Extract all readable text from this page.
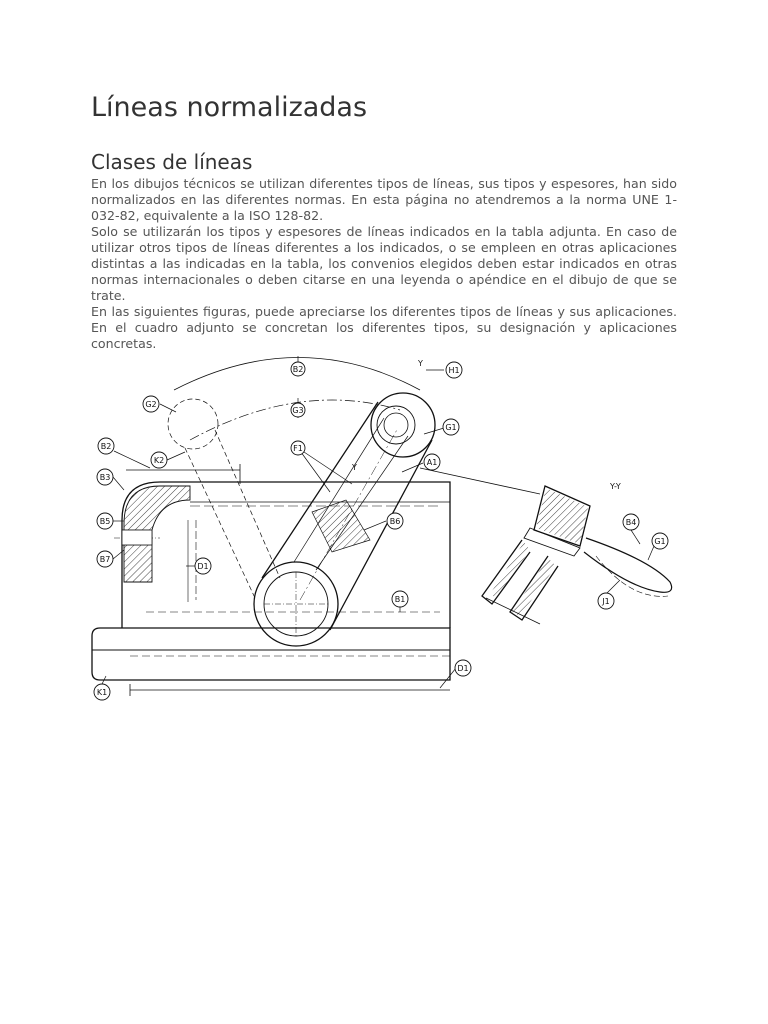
Líneas normalizadas
Clases de líneas

En los dibujos técnicos se utilizan diferentes tipos de líneas, sus tipos y espesores, han sido normalizados en las diferentes normas. En esta página no atendremos a la norma UNE 1-032-82, equivalente a la ISO 128-82.

Solo se utilizarán los tipos y espesores de líneas indicados en la tabla adjunta. En caso de utilizar otros tipos de líneas diferentes a los indicados, o se empleen en otras aplicaciones distintas a las indicadas en la tabla, los convenios elegidos deben estar indicados en otras normas internacionales o deben citarse en una leyenda o apéndice en el dibujo de que se trate.

En las siguientes figuras, puede apreciarse los diferentes tipos de líneas y sus aplicaciones. En el cuadro adjunto se concretan los diferentes tipos, su designación y aplicaciones concretas.

B2	H1
G2
G3
G1
B2
K2
F1
A1
B3
B5	B6
B7
D1
B1
D1
K1
B4
G1
J1
Y
Y
Y-Y
